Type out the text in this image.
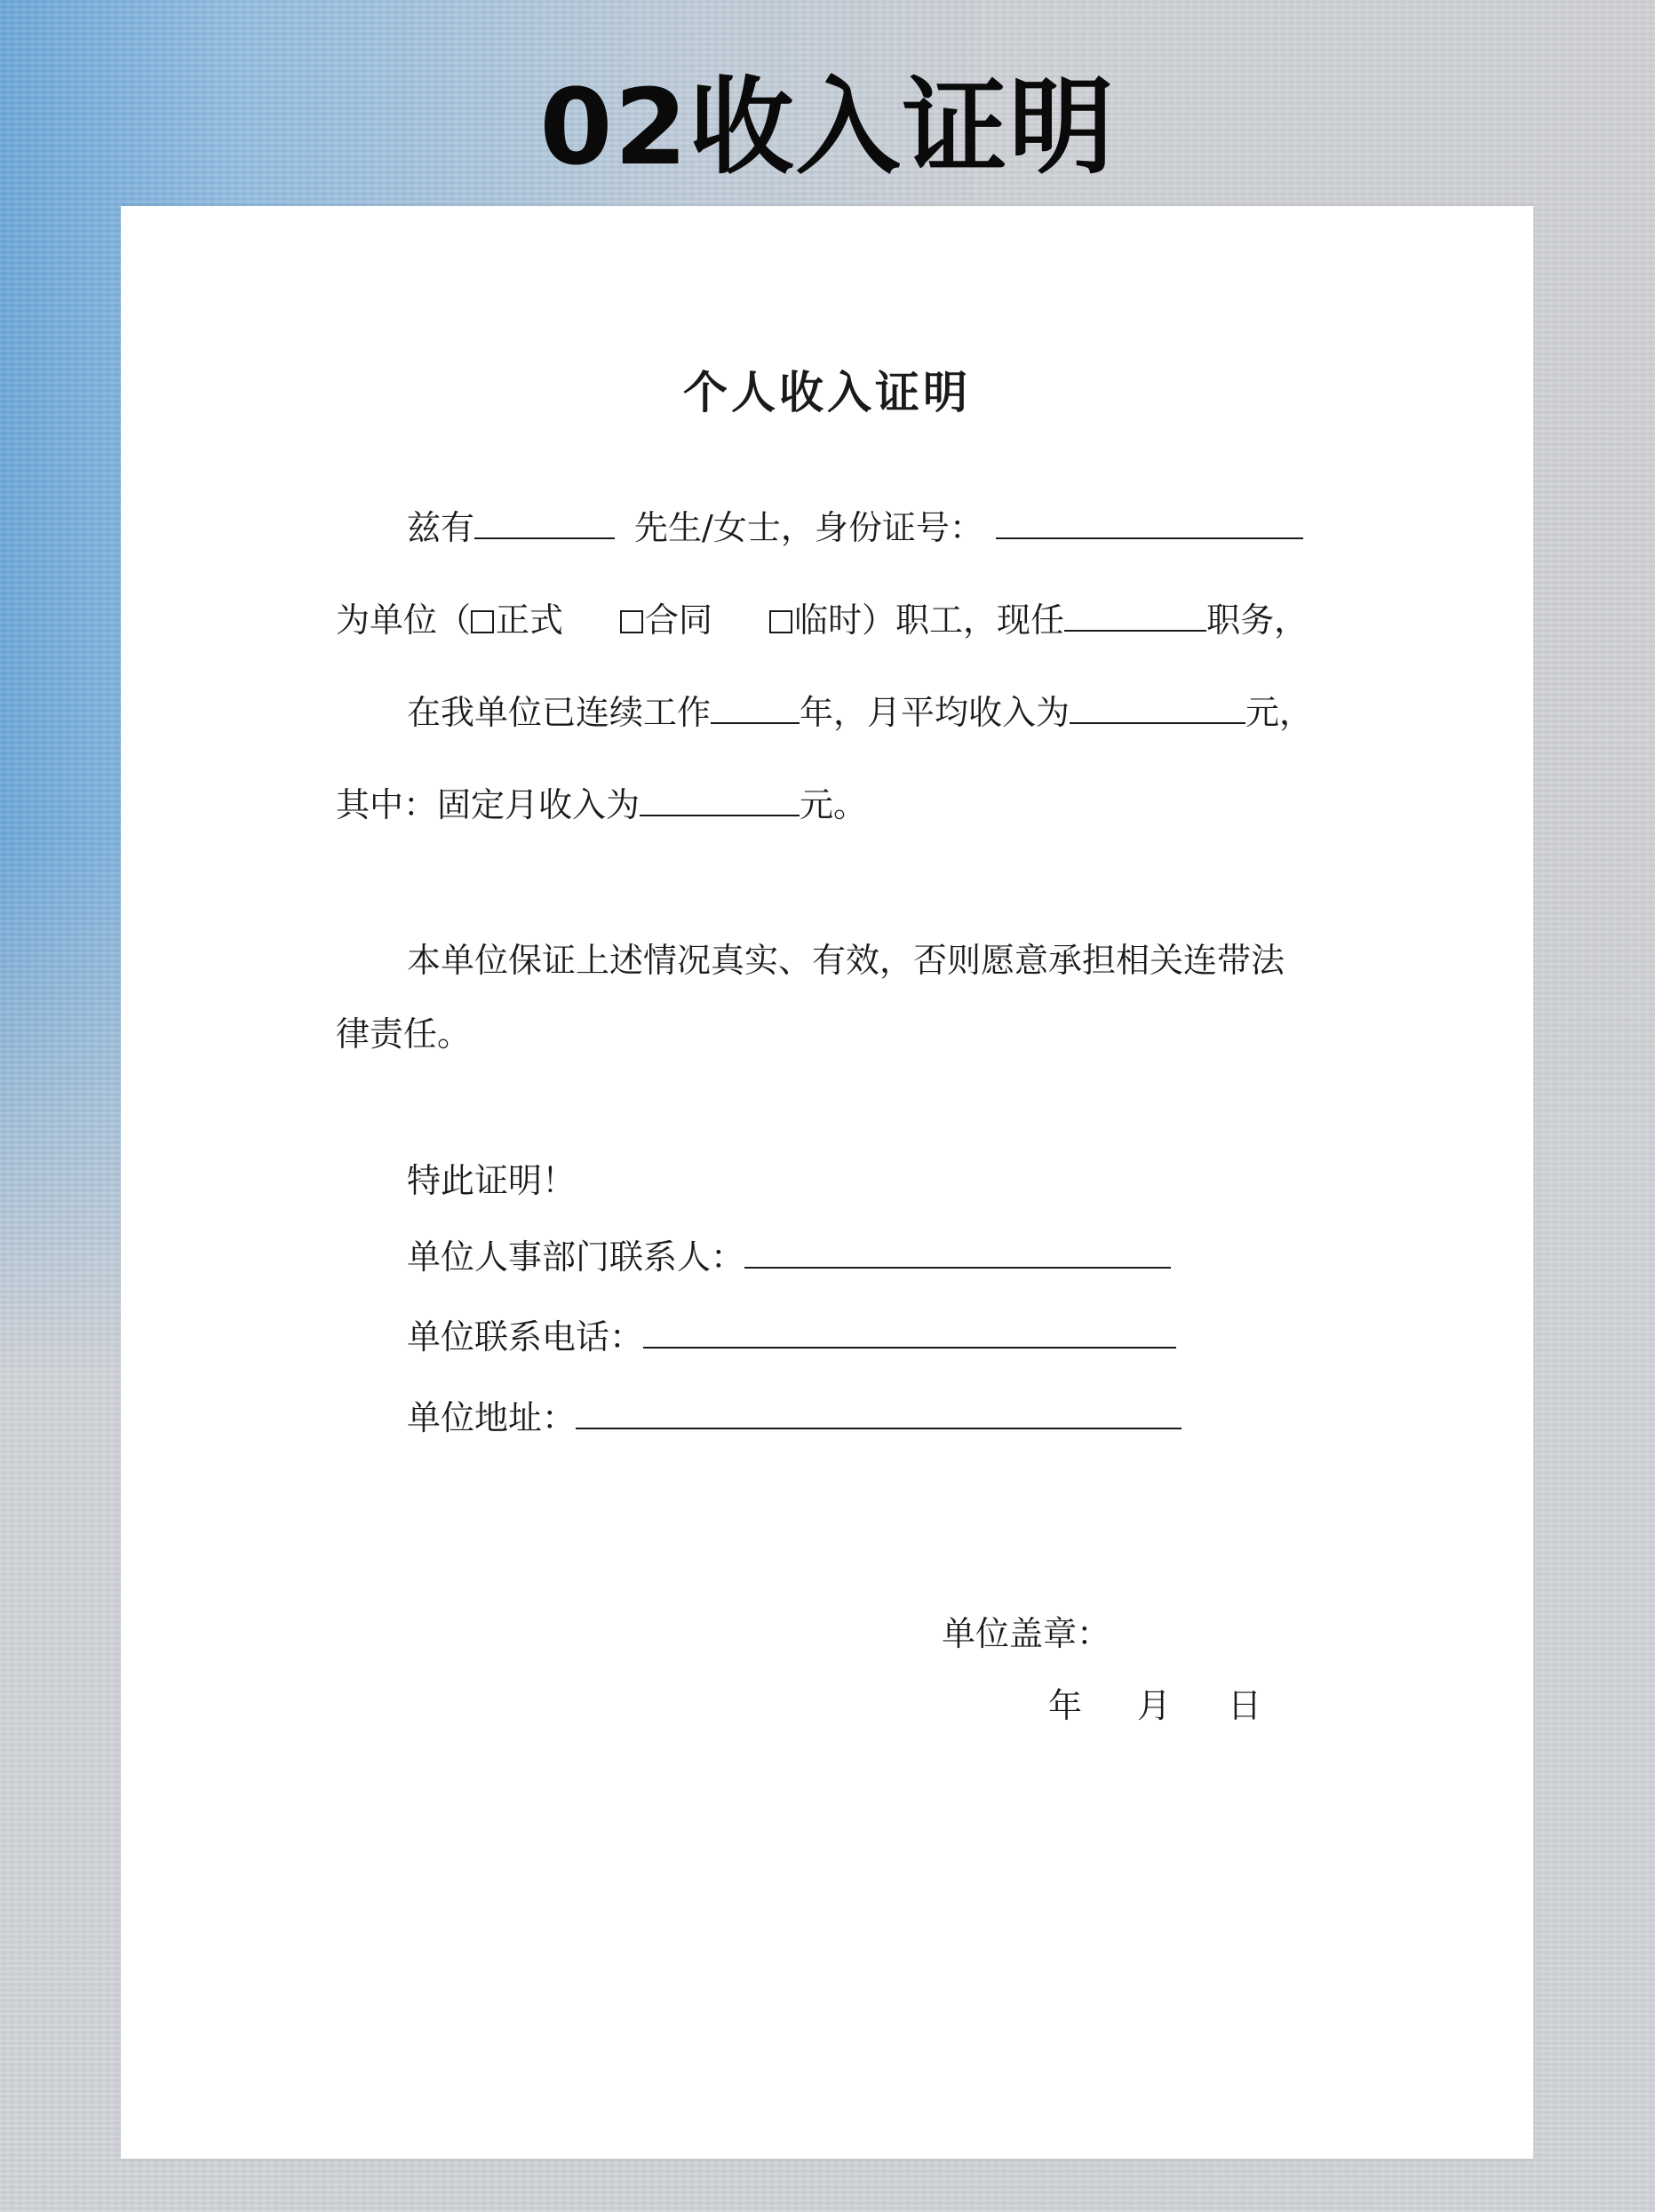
02收入证明
个人收入证明
兹有	先生/女士，身份证号：
为单位（ 正式 合同 临时）职工，现任	职务，
在我单位已连续工作	年，月平均收入为	元，
其中：固定月收入为	元。
本单位保证上述情况真实、有效，否则愿意承担相关连带法
律责任。
特此证明！
单位人事部门联系人：
单位联系电话：
单位地址：
单位盖章：
年 月 日
